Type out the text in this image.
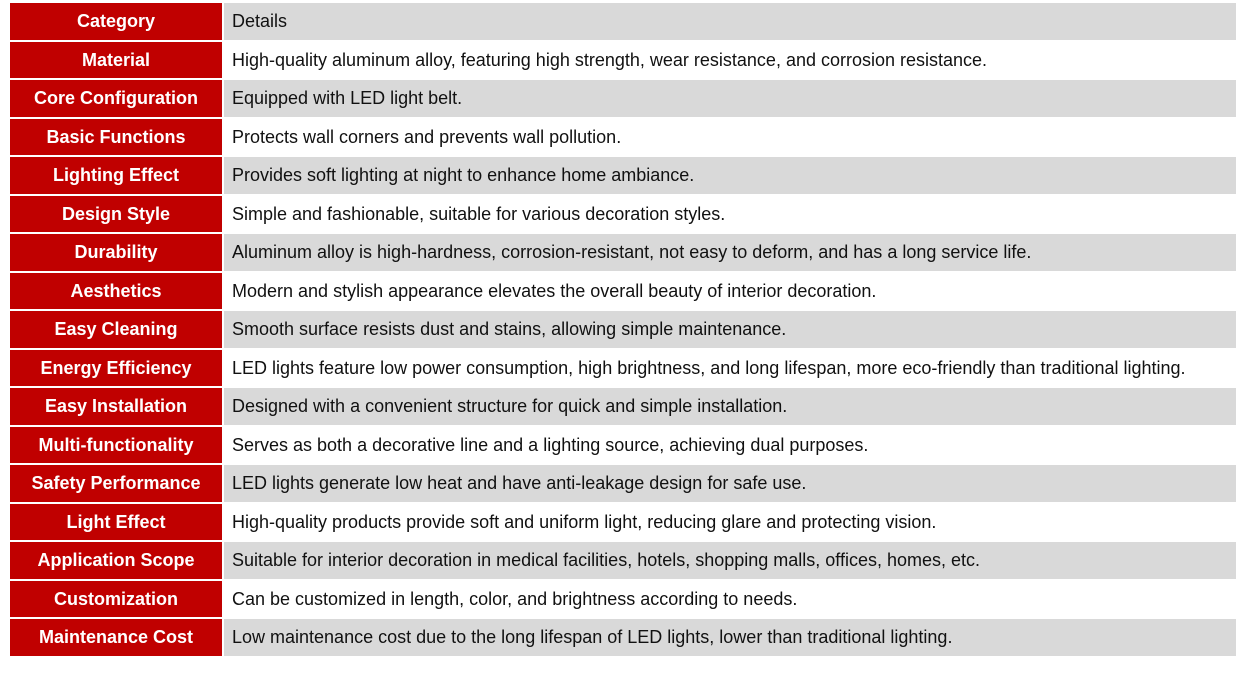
Category	Details
Material	High-quality aluminum alloy, featuring high strength, wear resistance, and corrosion resistance.
Core Configuration	Equipped with LED light belt.
Basic Functions	Protects wall corners and prevents wall pollution.
Lighting Effect	Provides soft lighting at night to enhance home ambiance.
Design Style	Simple and fashionable, suitable for various decoration styles.
Durability	Aluminum alloy is high-hardness, corrosion-resistant, not easy to deform, and has a long service life.
Aesthetics	Modern and stylish appearance elevates the overall beauty of interior decoration.
Easy Cleaning	Smooth surface resists dust and stains, allowing simple maintenance.
Energy Efficiency	LED lights feature low power consumption, high brightness, and long lifespan, more eco-friendly than traditional lighting.
Easy Installation	Designed with a convenient structure for quick and simple installation.
Multi-functionality	Serves as both a decorative line and a lighting source, achieving dual purposes.
Safety Performance	LED lights generate low heat and have anti-leakage design for safe use.
Light Effect	High-quality products provide soft and uniform light, reducing glare and protecting vision.
Application Scope	Suitable for interior decoration in medical facilities, hotels, shopping malls, offices, homes, etc.
Customization	Can be customized in length, color, and brightness according to needs.
Maintenance Cost	Low maintenance cost due to the long lifespan of LED lights, lower than traditional lighting.
